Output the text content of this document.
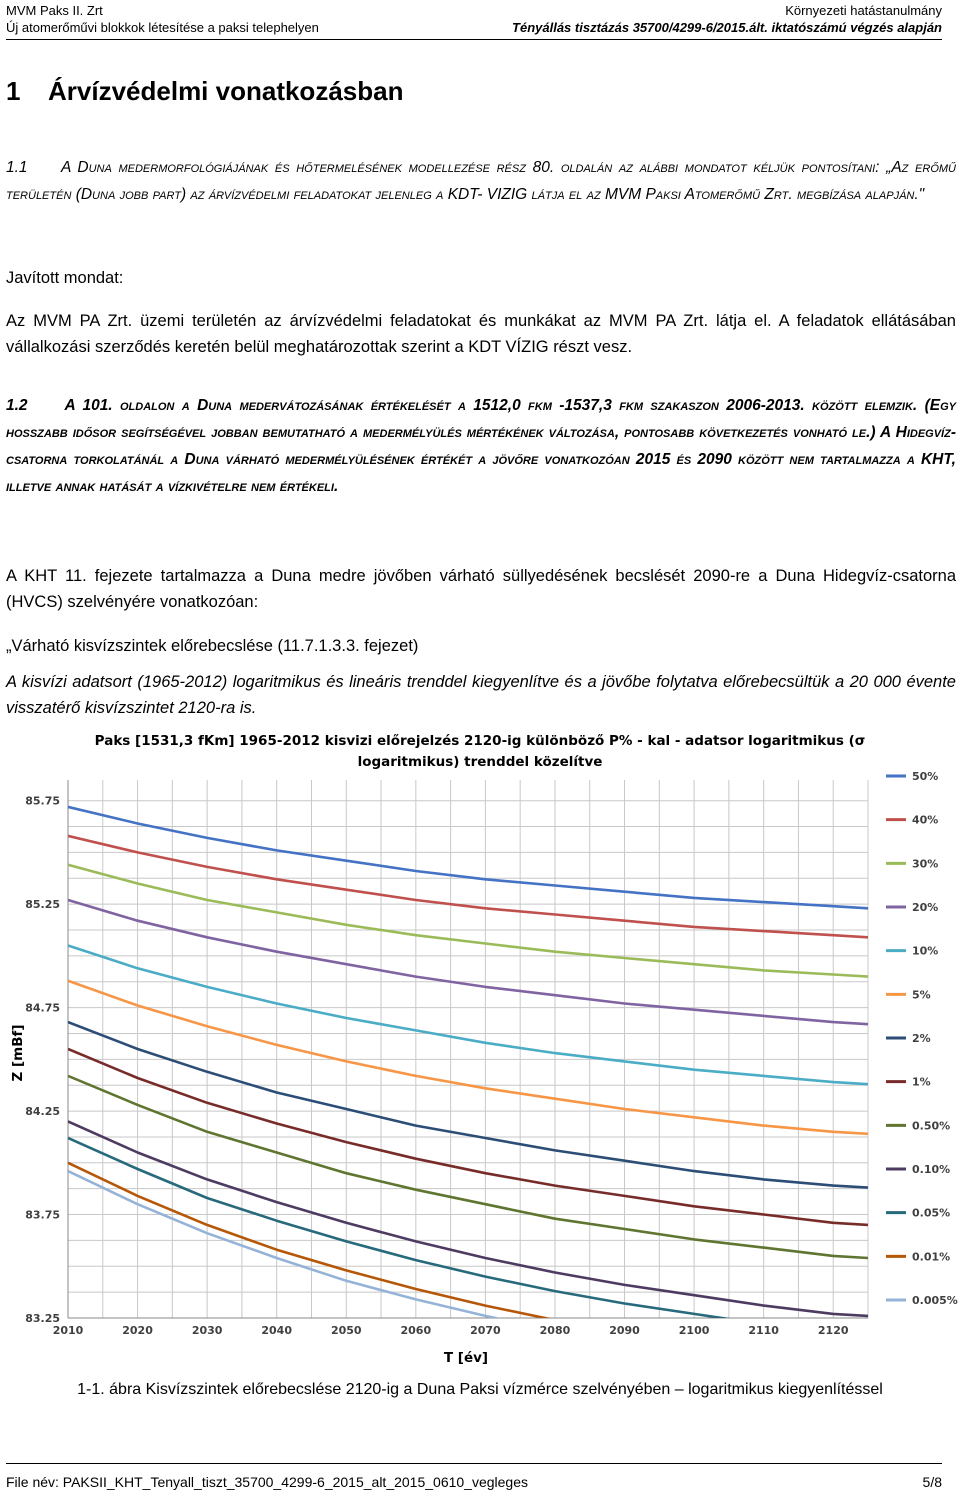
MVM Paks II. Zrt
Új atomerőművi blokkok létesítése a paksi telephelyen
Környezeti hatástanulmány
Tényállás tisztázás 35700/4299-6/2015.ált. iktatószámú végzés alapján
1 Árvízvédelmi vonatkozásban
1.1 A Duna medermorfológiájának és hőtermelésének modellezése rész 80. oldalán az alábbi mondatot kéljük pontosítani: „Az erőmű területén (Duna jobb part) az árvízvédelmi feladatokat jelenleg a KDT- VIZIG látja el az MVM Paksi Atomerőmű Zrt. megbízása alapján."
Javított mondat:
Az MVM PA Zrt. üzemi területén az árvízvédelmi feladatokat és munkákat az MVM PA Zrt. látja el. A feladatok ellátásában vállalkozási szerződés keretén belül meghatározottak szerint a KDT VÍZIG részt vesz.
1.2 A 101. oldalon a Duna medervátozásának értékelését a 1512,0 fkm -1537,3 fkm szakaszon 2006-2013. között elemzik. (Egy hosszabb idősor segítségével jobban bemutatható a medermélyülés mértékének változása, pontosabb következetés vonható le.) A Hidegvíz-csatorna torkolatánál a Duna várható medermélyülésének értékét a jövőre vonatkozóan 2015 és 2090 között nem tartalmazza a KHT, illetve annak hatását a vízkivételre nem értékeli.
A KHT 11. fejezete tartalmazza a Duna medre jövőben várható süllyedésének becslését 2090-re a Duna Hidegvíz-csatorna (HVCS) szelvényére vonatkozóan:
„Várható kisvízszintek előrebecslése (11.7.1.3.3. fejezet)
A kisvízi adatsort (1965-2012) logaritmikus és lineáris trenddel kiegyenlítve és a jövőbe folytatva előrebecsültük a 20 000 évente visszatérő kisvízszintet 2120-ra is.
Paks [1531,3 fKm] 1965-2012 kisvizi előrejelzés 2120-ig különböző P% - kal - adatsor logaritmikus (σ
logaritmikus) trenddel közelítve
2010	2020	2030	2040	2050	2060	2070	2080	2090	2100	2110	2120
85.75
85.25
84.75
84.25
83.75
83.25
50%
40%
30%
20%
10%
5%
2%
1%
0.50%
0.10%
0.05%
0.01%
0.005%
T [év]
Z [mBf]
1-1. ábra Kisvízszintek előrebecslése 2120-ig a Duna Paksi vízmérce szelvényében – logaritmikus kiegyenlítéssel
File név: PAKSII_KHT_Tenyall_tiszt_35700_4299-6_2015_alt_2015_0610_vegleges	5/8
